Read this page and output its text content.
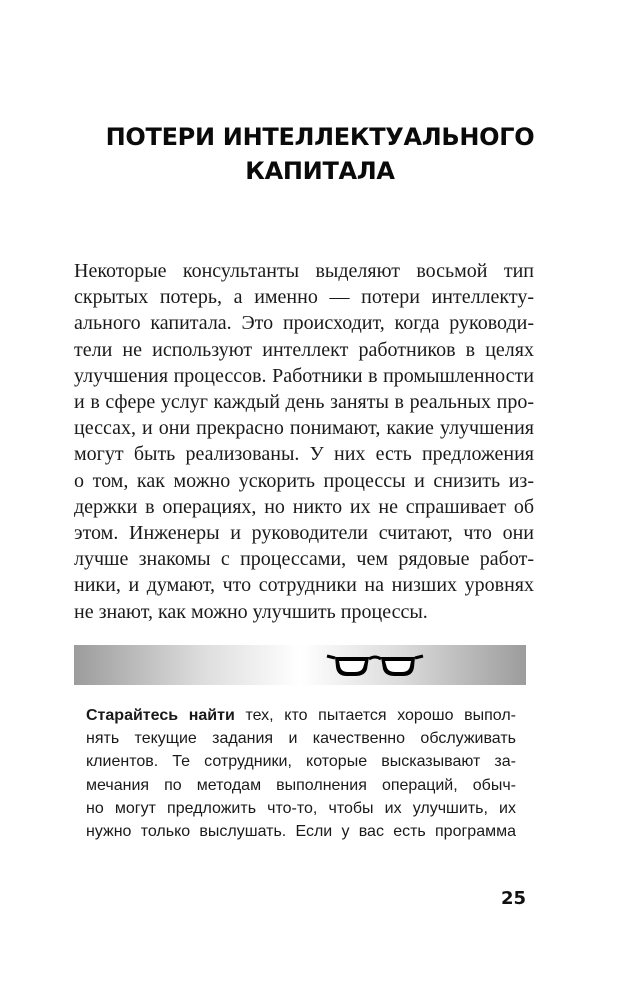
ПОТЕРИ ИНТЕЛЛЕКТУАЛЬНОГО
КАПИТАЛА
Некоторые консультанты выделяют восьмой тип
скрытых потерь, а именно — потери интеллекту-
ального капитала. Это происходит, когда руководи-
тели не используют интеллект работников в целях
улучшения процессов. Работники в промышленности
и в сфере услуг каждый день заняты в реальных про-
цессах, и они прекрасно понимают, какие улучшения
могут быть реализованы. У них есть предложения
о том, как можно ускорить процессы и снизить из-
держки в операциях, но никто их не спрашивает об
этом. Инженеры и руководители считают, что они
лучше знакомы с процессами, чем рядовые работ-
ники, и думают, что сотрудники на низших уровнях
не знают, как можно улучшить процессы.
Старайтесь найти тех, кто пытается хорошо выпол-
нять текущие задания и качественно обслуживать
клиентов. Те сотрудники, которые высказывают за-
мечания по методам выполнения операций, обыч-
но могут предложить что-то, чтобы их улучшить, их
нужно только выслушать. Если у вас есть программа
25
